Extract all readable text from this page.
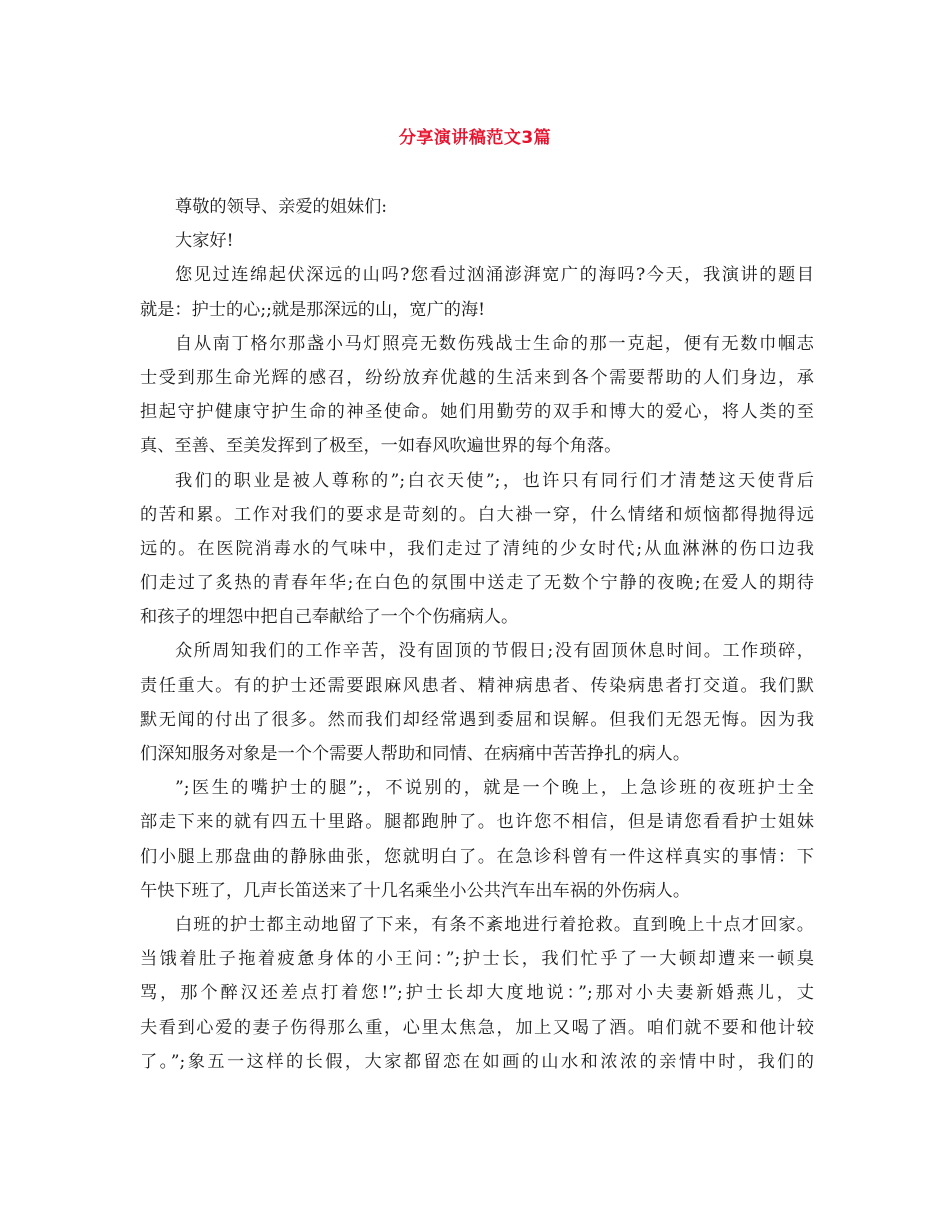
分享演讲稿范文3篇
尊敬的领导、亲爱的姐妹们:
大家好!
您见过连绵起伏深远的山吗?您看过汹涌澎湃宽广的海吗?今天，我演讲的题目
就是：护士的心;;就是那深远的山，宽广的海!
自从南丁格尔那盏小马灯照亮无数伤残战士生命的那一克起，便有无数巾帼志
士受到那生命光辉的感召，纷纷放弃优越的生活来到各个需要帮助的人们身边，承
担起守护健康守护生命的神圣使命。她们用勤劳的双手和博大的爱心，将人类的至
真、至善、至美发挥到了极至，一如春风吹遍世界的每个角落。
我们的职业是被人尊称的”;白衣天使”;，也许只有同行们才清楚这天使背后
的苦和累。工作对我们的要求是苛刻的。白大褂一穿，什么情绪和烦恼都得抛得远
远的。在医院消毒水的气味中，我们走过了清纯的少女时代;从血淋淋的伤口边我
们走过了炙热的青春年华;在白色的氛围中送走了无数个宁静的夜晚;在爱人的期待
和孩子的埋怨中把自己奉献给了一个个伤痛病人。
众所周知我们的工作辛苦，没有固顶的节假日;没有固顶休息时间。工作琐碎，
责任重大。有的护士还需要跟麻风患者、精神病患者、传染病患者打交道。我们默
默无闻的付出了很多。然而我们却经常遇到委屈和误解。但我们无怨无悔。因为我
们深知服务对象是一个个需要人帮助和同情、在病痛中苦苦挣扎的病人。
”;医生的嘴护士的腿”;，不说别的，就是一个晚上，上急诊班的夜班护士全
部走下来的就有四五十里路。腿都跑肿了。也许您不相信，但是请您看看护士姐妹
们小腿上那盘曲的静脉曲张，您就明白了。在急诊科曾有一件这样真实的事情：下
午快下班了，几声长笛送来了十几名乘坐小公共汽车出车祸的外伤病人。
白班的护士都主动地留了下来，有条不紊地进行着抢救。直到晚上十点才回家。
当饿着肚子拖着疲惫身体的小王问：”;护士长，我们忙乎了一大顿却遭来一顿臭
骂，那个醉汉还差点打着您!”;护士长却大度地说：”;那对小夫妻新婚燕儿，丈
夫看到心爱的妻子伤得那么重，心里太焦急，加上又喝了酒。咱们就不要和他计较
了。”;象五一这样的长假，大家都留恋在如画的山水和浓浓的亲情中时，我们的
